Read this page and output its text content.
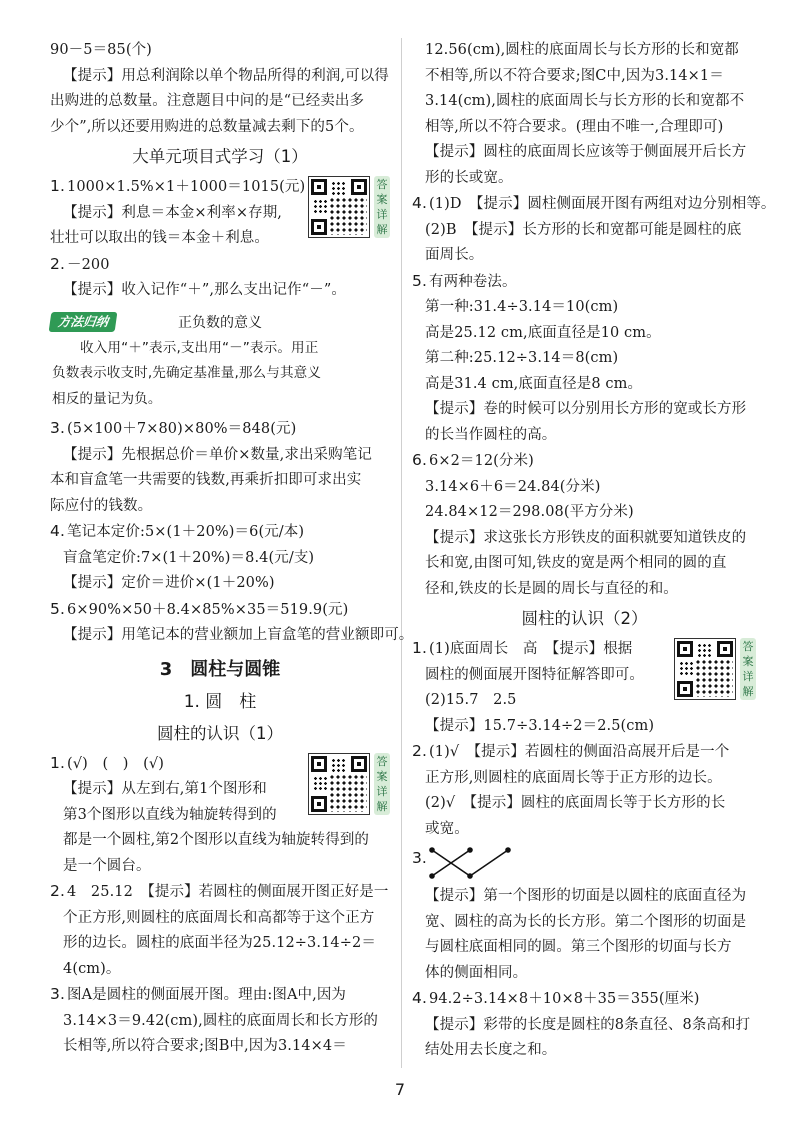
90－5＝85(个)
【提示】用总利润除以单个物品所得的利润,可以得
出购进的总数量。注意题目中问的是“已经卖出多
少个”,所以还要用购进的总数量减去剩下的5个。
大单元项目式学习（1）
1. 1000×1.5%×1＋1000＝1015(元)
【提示】利息＝本金×利率×存期,
壮壮可以取出的钱＝本金＋利息。
答案详解
2. －200
【提示】收入记作“＋”,那么支出记作“－”。
方法归纳	正负数的意义
收入用“＋”表示,支出用“－”表示。用正
负数表示收支时,先确定基准量,那么与其意义
相反的量记为负。
3. (5×100＋7×80)×80%＝848(元)
【提示】先根据总价＝单价×数量,求出采购笔记
本和盲盒笔一共需要的钱数,再乘折扣即可求出实
际应付的钱数。
4. 笔记本定价:5×(1＋20%)＝6(元/本)
盲盒笔定价:7×(1＋20%)＝8.4(元/支)
【提示】定价＝进价×(1＋20%)
5. 6×90%×50＋8.4×85%×35＝519.9(元)
【提示】用笔记本的营业额加上盲盒笔的营业额即可。
3 圆柱与圆锥
1. 圆　柱
圆柱的认识（1）
1. (√)　(　)　(√)
【提示】从左到右,第1个图形和
第3个图形以直线为轴旋转得到的
都是一个圆柱,第2个图形以直线为轴旋转得到的
是一个圆台。
答案详解
2. 4　25.12　【提示】若圆柱的侧面展开图正好是一
个正方形,则圆柱的底面周长和高都等于这个正方
形的边长。圆柱的底面半径为25.12÷3.14÷2＝
4(cm)。
3. 图A是圆柱的侧面展开图。理由:图A中,因为
3.14×3＝9.42(cm),圆柱的底面周长和长方形的
长相等,所以符合要求;图B中,因为3.14×4＝
12.56(cm),圆柱的底面周长与长方形的长和宽都
不相等,所以不符合要求;图C中,因为3.14×1＝
3.14(cm),圆柱的底面周长与长方形的长和宽都不
相等,所以不符合要求。(理由不唯一,合理即可)
【提示】圆柱的底面周长应该等于侧面展开后长方
形的长或宽。
4. (1)D　【提示】圆柱侧面展开图有两组对边分别相等。
(2)B　【提示】长方形的长和宽都可能是圆柱的底
面周长。
5. 有两种卷法。
第一种:31.4÷3.14＝10(cm)
高是25.12 cm,底面直径是10 cm。
第二种:25.12÷3.14＝8(cm)
高是31.4 cm,底面直径是8 cm。
【提示】卷的时候可以分别用长方形的宽或长方形
的长当作圆柱的高。
6. 6×2＝12(分米)
3.14×6＋6＝24.84(分米)
24.84×12＝298.08(平方分米)
【提示】求这张长方形铁皮的面积就要知道铁皮的
长和宽,由图可知,铁皮的宽是两个相同的圆的直
径和,铁皮的长是圆的周长与直径的和。
圆柱的认识（2）
1. (1)底面周长　高　【提示】根据
圆柱的侧面展开图特征解答即可。
(2)15.7　2.5
【提示】15.7÷3.14÷2＝2.5(cm)
答案详解
2. (1)√　【提示】若圆柱的侧面沿高展开后是一个
正方形,则圆柱的底面周长等于正方形的边长。
(2)√　【提示】圆柱的底面周长等于长方形的长
或宽。
3.
【提示】第一个图形的切面是以圆柱的底面直径为
宽、圆柱的高为长的长方形。第二个图形的切面是
与圆柱底面相同的圆。第三个图形的切面与长方
体的侧面相同。
4. 94.2÷3.14×8＋10×8＋35＝355(厘米)
【提示】彩带的长度是圆柱的8条直径、8条高和打
结处用去长度之和。
7
